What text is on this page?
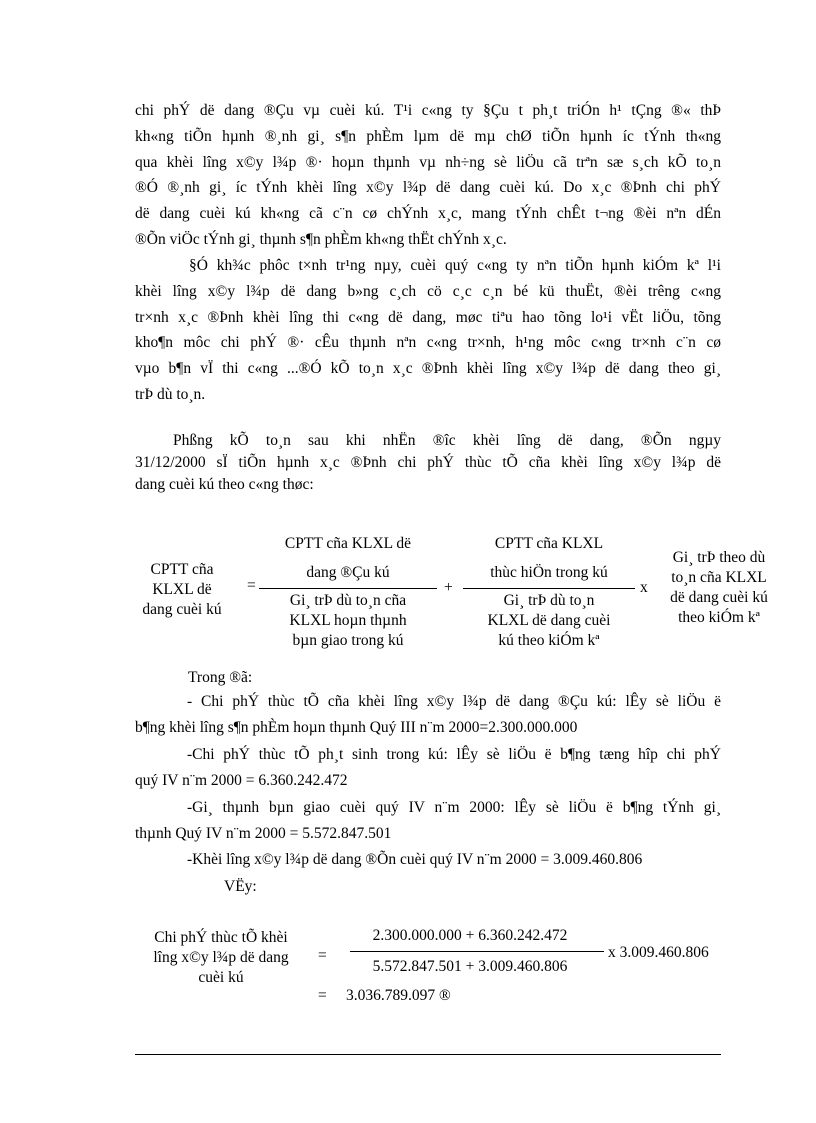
chi phÝ dë dang ®Çu vµ cuèi kú. T¹i c«ng ty §Çu t ph¸t triÓn h¹ tÇng ®« thÞ
kh«ng tiÕn hµnh ®¸nh gi¸ s¶n phÈm lµm dë mµ chØ tiÕn hµnh íc tÝnh th«ng
qua khèi lîng x©y l¾p ®· hoµn thµnh vµ nh÷ng sè liÖu cã trªn sæ s¸ch kÕ to¸n
®Ó ®¸nh gi¸ íc tÝnh khèi lîng x©y l¾p dë dang cuèi kú. Do x¸c ®Þnh chi phÝ
dë dang cuèi kú kh«ng cã c¨n cø chÝnh x¸c, mang tÝnh chÊt t¬ng ®èi nªn dÉn
®Õn viÖc tÝnh gi¸ thµnh s¶n phÈm kh«ng thËt chÝnh x¸c.
§Ó kh¾c phôc t×nh tr¹ng nµy, cuèi quý c«ng ty nªn tiÕn hµnh kiÓm kª l¹i
khèi lîng x©y l¾p dë dang b»ng c¸ch cö c¸c c¸n bé kü thuËt, ®èi trêng c«ng
tr×nh x¸c ®Þnh khèi lîng thi c«ng dë dang, møc tiªu hao tõng lo¹i vËt liÖu, tõng
kho¶n môc chi phÝ ®· cÊu thµnh nªn c«ng tr×nh, h¹ng môc c«ng tr×nh c¨n cø
vµo b¶n vÏ thi c«ng ...®Ó kÕ to¸n x¸c ®Þnh khèi lîng x©y l¾p dë dang theo gi¸
trÞ dù to¸n.
Phßng kÕ to¸n sau khi nhËn ®îc khèi lîng dë dang, ®Õn ngµy
31/12/2000 sÏ tiÕn hµnh x¸c ®Þnh chi phÝ thùc tÕ cña khèi lîng x©y l¾p dë
dang cuèi kú theo c«ng thøc:
CPTT cña
KLXL dë
dang cuèi kú
=
CPTT cña KLXL dë
dang ®Çu kú
Gi¸ trÞ dù to¸n cña
KLXL hoµn thµnh
bµn giao trong kú
+
CPTT cña KLXL
thùc hiÖn trong kú
Gi¸ trÞ dù to¸n
KLXL dë dang cuèi
kú theo kiÓm kª
x
Gi¸ trÞ theo dù
to¸n cña KLXL
dë dang cuèi kú
theo kiÓm kª
Trong ®ã:
- Chi phÝ thùc tÕ cña khèi lîng x©y l¾p dë dang ®Çu kú: lÊy sè liÖu ë
b¶ng khèi lîng s¶n phÈm hoµn thµnh Quý III n¨m 2000=2.300.000.000
-Chi phÝ thùc tÕ ph¸t sinh trong kú: lÊy sè liÖu ë b¶ng tæng hîp chi phÝ
quý IV n¨m 2000 = 6.360.242.472
-Gi¸ thµnh bµn giao cuèi quý IV n¨m 2000: lÊy sè liÖu ë b¶ng tÝnh gi¸
thµnh Quý IV n¨m 2000 = 5.572.847.501
-Khèi lîng x©y l¾p dë dang ®Õn cuèi quý IV n¨m 2000 = 3.009.460.806
VËy:
Chi phÝ thùc tÕ khèi
lîng x©y l¾p dë dang
cuèi kú
=
2.300.000.000 + 6.360.242.472
5.572.847.501 + 3.009.460.806
x 3.009.460.806
= 3.036.789.097 ®
